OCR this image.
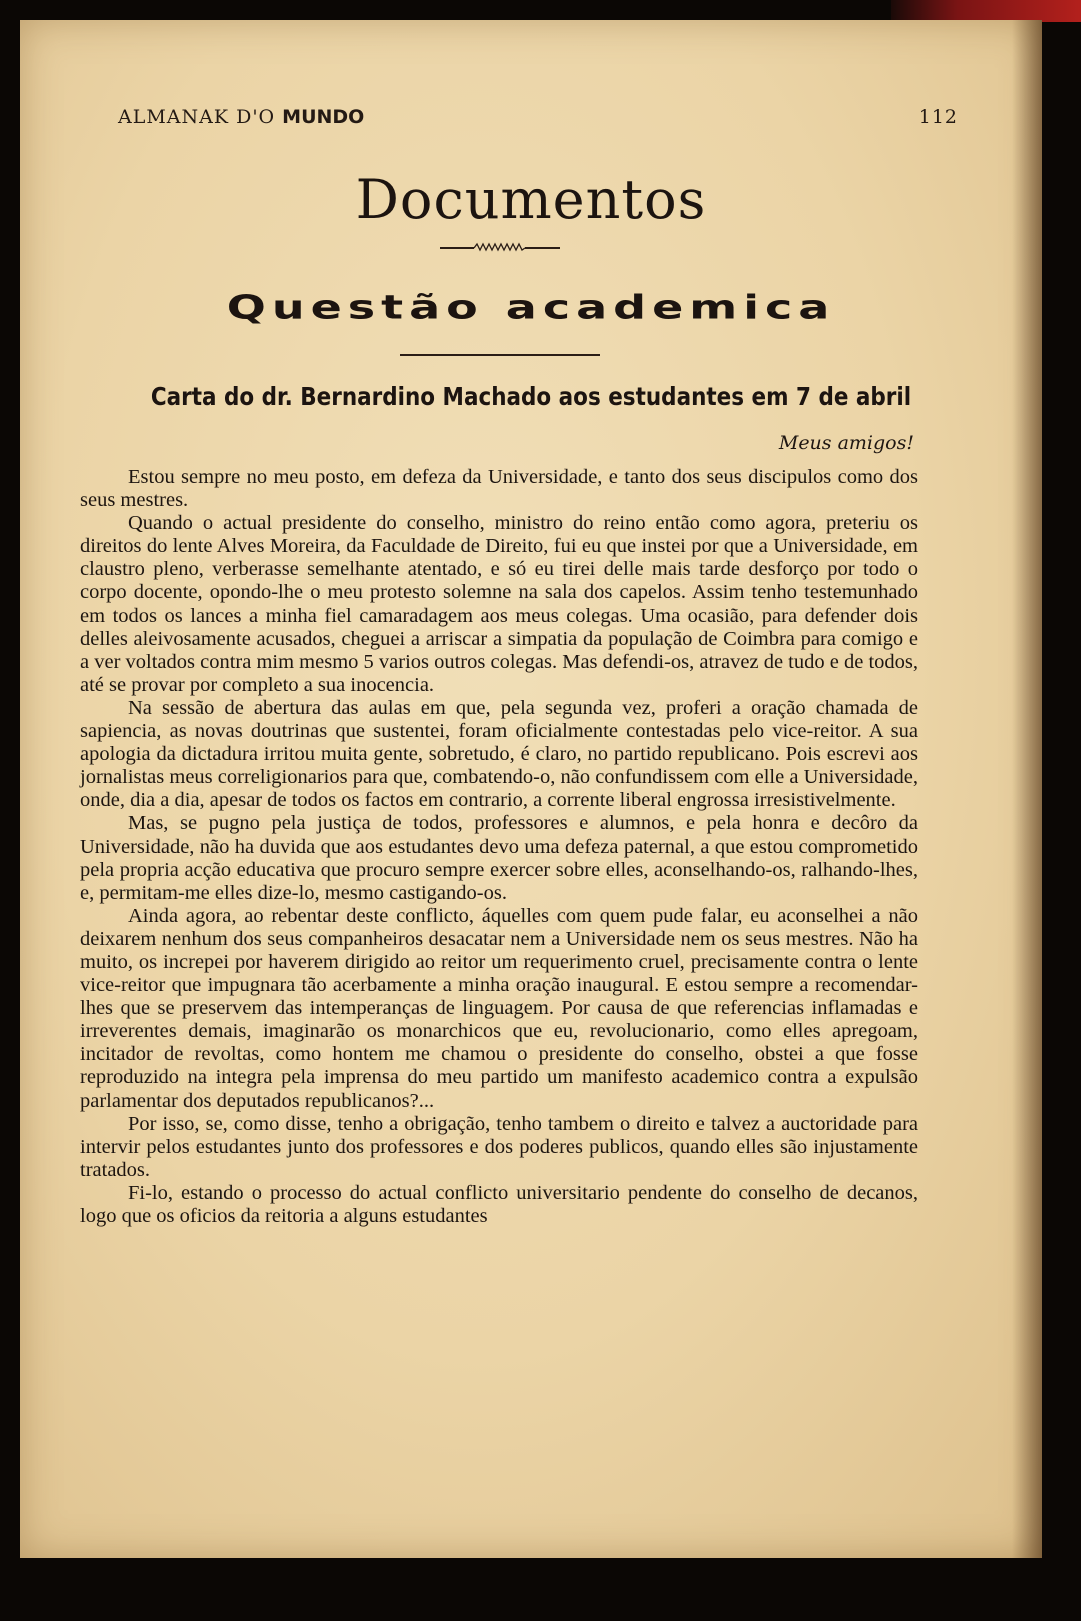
ALMANAK D'O MUNDO	112
Documentos
Questão academica
Carta do dr. Bernardino Machado aos estudantes em 7 de abril
Meus amigos!

Estou sempre no meu posto, em defeza da Universidade, e tanto dos seus discipulos como dos seus mestres.

Quando o actual presidente do conselho, ministro do reino então como agora, preteriu os direitos do lente Alves Moreira, da Faculdade de Direito, fui eu que instei por que a Universidade, em claustro pleno, verberasse semelhante atentado, e só eu tirei delle mais tarde desforço por todo o corpo docente, opondo-lhe o meu protesto solemne na sala dos capelos. Assim tenho testemunhado em todos os lances a minha fiel camaradagem aos meus colegas. Uma ocasião, para defender dois delles aleivosamente acusados, cheguei a arriscar a simpatia da população de Coimbra para comigo e a ver voltados contra mim mesmo 5 varios outros colegas. Mas defendi-os, atravez de tudo e de todos, até se provar por completo a sua inocencia.

Na sessão de abertura das aulas em que, pela segunda vez, proferi a oração chamada de sapiencia, as novas doutrinas que sustentei, foram oficialmente contestadas pelo vice-reitor. A sua apologia da dictadura irritou muita gente, sobretudo, é claro, no partido republicano. Pois escrevi aos jornalistas meus correligionarios para que, combatendo-o, não confundissem com elle a Universidade, onde, dia a dia, apesar de todos os factos em contrario, a corrente liberal engrossa irresistivelmente.

Mas, se pugno pela justiça de todos, professores e alumnos, e pela honra e decôro da Universidade, não ha duvida que aos estudantes devo uma defeza paternal, a que estou comprometido pela propria acção educativa que procuro sempre exercer sobre elles, aconselhando-os, ralhando-lhes, e, permitam-me elles dize-lo, mesmo castigando-os.

Ainda agora, ao rebentar deste conflicto, áquelles com quem pude falar, eu aconselhei a não deixarem nenhum dos seus companheiros desacatar nem a Universidade nem os seus mestres. Não ha muito, os increpei por haverem dirigido ao reitor um requerimento cruel, precisamente contra o lente vice-reitor que impugnara tão acerbamente a minha oração inaugural. E estou sempre a recomendar-lhes que se preservem das intemperanças de linguagem. Por causa de que referencias inflamadas e irreverentes demais, imaginarão os monarchicos que eu, revolucionario, como elles apregoam, incitador de revoltas, como hontem me chamou o presidente do conselho, obstei a que fosse reproduzido na integra pela imprensa do meu partido um manifesto academico contra a expulsão parlamentar dos deputados republicanos?...

Por isso, se, como disse, tenho a obrigação, tenho tambem o direito e talvez a auctoridade para intervir pelos estudantes junto dos professores e dos poderes publicos, quando elles são injustamente tratados.

Fi-lo, estando o processo do actual conflicto universitario pendente do conselho de decanos, logo que os oficios da reitoria a alguns estudantes
